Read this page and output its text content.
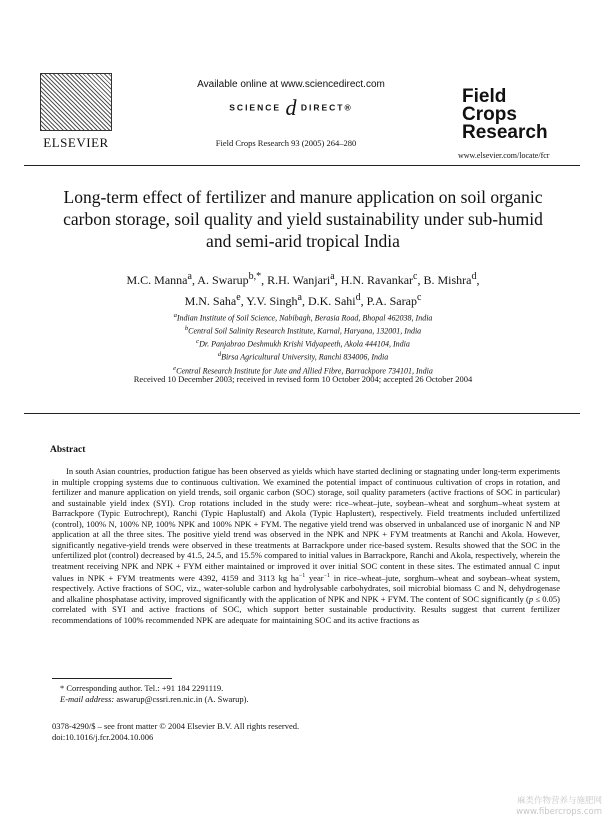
ELSEVIER
Available online at www.sciencedirect.com
SCIENCE d DIRECT®
Field Crops Research 93 (2005) 264–280
Field
Crops
Research
www.elsevier.com/locate/fcr
Long-term effect of fertilizer and manure application on soil organic carbon storage, soil quality and yield sustainability under sub-humid and semi-arid tropical India
M.C. Manna$^a$, A. Swarup$^{b,*}$, R.H. Wanjari$^a$, H.N. Ravankar$^c$, B. Mishra$^d$,
M.N. Saha$^e$, Y.V. Singh$^a$, D.K. Sahi$^d$, P.A. Sarap$^c$
$^a$Indian Institute of Soil Science, Nabibagh, Berasia Road, Bhopal 462038, India
$^b$Central Soil Salinity Research Institute, Karnal, Haryana, 132001, India
$^c$Dr. Panjabrao Deshmukh Krishi Vidyapeeth, Akola 444104, India
$^d$Birsa Agricultural University, Ranchi 834006, India
$^e$Central Research Institute for Jute and Allied Fibre, Barrackpore 734101, India
Received 10 December 2003; received in revised form 10 October 2004; accepted 26 October 2004
Abstract
In south Asian countries, production fatigue has been observed as yields which have started declining or stagnating under long-term experiments in multiple cropping systems due to continuous cultivation. We examined the potential impact of continuous cultivation of crops in rotation, and fertilizer and manure application on yield trends, soil organic carbon (SOC) storage, soil quality parameters (active fractions of SOC in particular) and sustainable yield index (SYI). Crop rotations included in the study were: rice–wheat–jute, soybean–wheat and sorghum–wheat system at Barrackpore (Typic Eutrochrept), Ranchi (Typic Haplustalf) and Akola (Typic Haplustert), respectively. Field treatments included unfertilized (control), 100% N, 100% NP, 100% NPK and 100% NPK + FYM. The negative yield trend was observed in unbalanced use of inorganic N and NP application at all the three sites. The positive yield trend was observed in the NPK and NPK + FYM treatments at Ranchi and Akola. However, significantly negative-yield trends were observed in these treatments at Barrackpore under rice-based system. Results showed that the SOC in the unfertilized plot (control) decreased by 41.5, 24.5, and 15.5% compared to initial values in Barrackpore, Ranchi and Akola, respectively, wherein the treatment receiving NPK and NPK + FYM either maintained or improved it over initial SOC content in these sites. The estimated annual C input values in NPK + FYM treatments were 4392, 4159 and 3113 kg $ha^{-1}$ year$^{-1}$ in rice–wheat–jute, sorghum–wheat and soybean–wheat system, respectively. Active fractions of SOC, viz., water-soluble carbon and hydrolysable carbohydrates, soil microbial biomass C and N, dehydrogenase and alkaline phosphatase activity, improved significantly with the application of NPK and NPK + FYM. The content of SOC significantly (p ≤ 0.05) correlated with SYI and active fractions of SOC, which support better sustainable productivity. Results suggest that current fertilizer recommendations of 100% recommended NPK are adequate for maintaining SOC and its active fractions as
* Corresponding author. Tel.: +91 184 2291119.
E-mail address: aswarup@cssri.ren.nic.in (A. Swarup).
0378-4290/$ – see front matter © 2004 Elsevier B.V. All rights reserved.
doi:10.1016/j.fcr.2004.10.006
麻类作物营养与施肥网
www.fibercrops.com
